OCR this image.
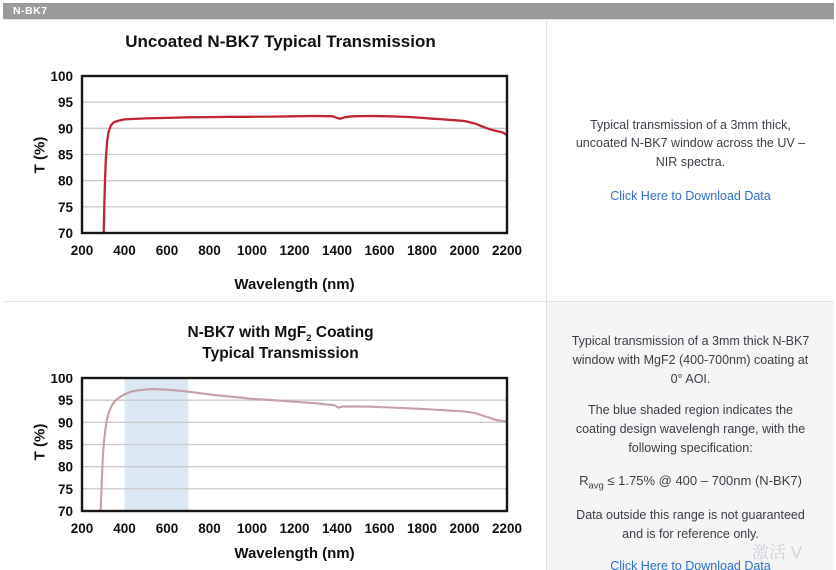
N-BK7
Uncoated N-BK7 Typical Transmission
T (%)
70
75
80
85
90
95
100
200 400 600 800 1000 1200 1400 1600 1800 2000 2200
Wavelength (nm)

Typical transmission of a 3mm thick, uncoated N-BK7 window across the UV – NIR spectra.

Click Here to Download Data
N-BK7 with MgF$_2$ Coating
Typical Transmission
T (%)
70
75
80
85
90
95
100
200 400 600 800 1000 1200 1400 1600 1800 2000 2200
Wavelength (nm)

Typical transmission of a 3mm thick N-BK7 window with MgF2 (400-700nm) coating at 0° AOI.

The blue shaded region indicates the coating design wavelengh range, with the following specification:

$R_{avg} \le 1.75\%$ @ 400 – 700nm (N-BK7)

Data outside this range is not guaranteed and is for reference only.

Click Here to Download Data
激活 V
